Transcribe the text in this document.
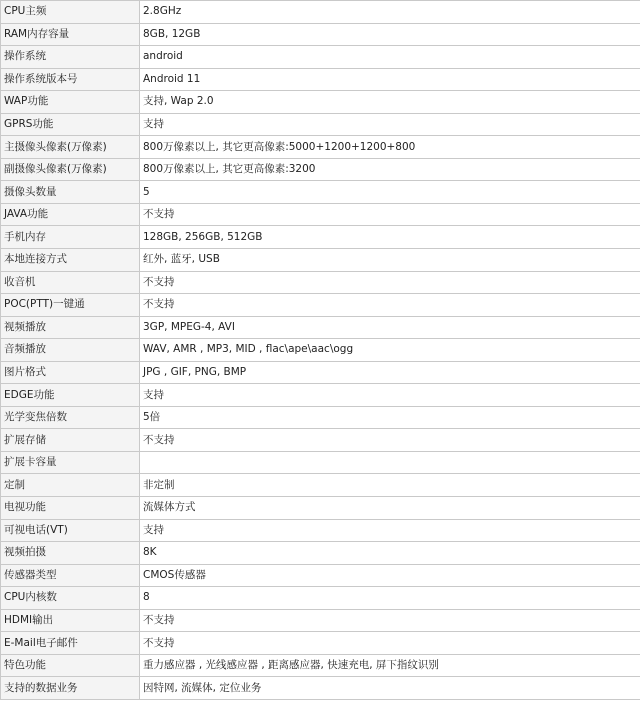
CPU主频	2.8GHz
RAM内存容量	8GB, 12GB
操作系统	android
操作系统版本号	Android 11
WAP功能	支持, Wap 2.0
GPRS功能	支持
主摄像头像素(万像素)	800万像素以上, 其它更高像素:5000+1200+1200+800
副摄像头像素(万像素)	800万像素以上, 其它更高像素:3200
摄像头数量	5
JAVA功能	不支持
手机内存	128GB, 256GB, 512GB
本地连接方式	红外, 蓝牙, USB
收音机	不支持
POC(PTT)一键通	不支持
视频播放	3GP, MPEG-4, AVI
音频播放	WAV, AMR , MP3, MID , flac\ape\aac\ogg
图片格式	JPG , GIF, PNG, BMP
EDGE功能	支持
光学变焦倍数	5倍
扩展存储	不支持
扩展卡容量	
定制	非定制
电视功能	流媒体方式
可视电话(VT)	支持
视频拍摄	8K
传感器类型	CMOS传感器
CPU内核数	8
HDMI输出	不支持
E-Mail电子邮件	不支持
特色功能	重力感应器 , 光线感应器 , 距离感应器, 快速充电, 屏下指纹识别
支持的数据业务	因特网, 流媒体, 定位业务
